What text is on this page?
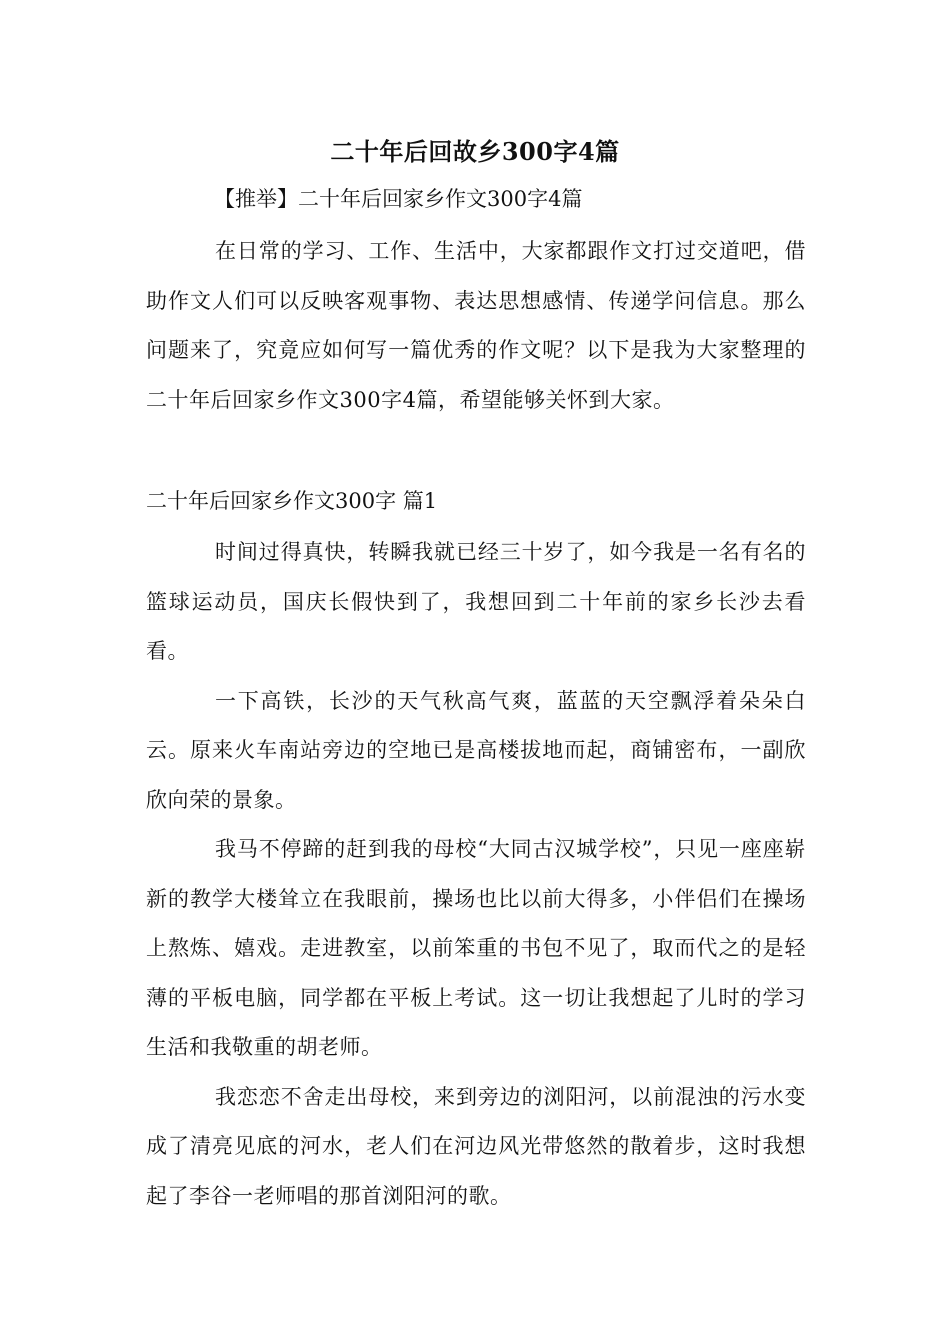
二十年后回故乡300字4篇
【推举】二十年后回家乡作文300字4篇

在日常的学习、工作、生活中，大家都跟作文打过交道吧，借助作文人们可以反映客观事物、表达思想感情、传递学问信息。那么问题来了，究竟应如何写一篇优秀的作文呢？以下是我为大家整理的二十年后回家乡作文300字4篇，希望能够关怀到大家。

二十年后回家乡作文300字 篇1

时间过得真快，转瞬我就已经三十岁了，如今我是一名有名的篮球运动员，国庆长假快到了，我想回到二十年前的家乡长沙去看看。

一下高铁，长沙的天气秋高气爽，蓝蓝的天空飘浮着朵朵白云。原来火车南站旁边的空地已是高楼拔地而起，商铺密布，一副欣欣向荣的景象。

我马不停蹄的赶到我的母校“大同古汉城学校”，只见一座座崭新的教学大楼耸立在我眼前，操场也比以前大得多，小伴侣们在操场上熬炼、嬉戏。走进教室，以前笨重的书包不见了，取而代之的是轻薄的平板电脑，同学都在平板上考试。这一切让我想起了儿时的学习生活和我敬重的胡老师。

我恋恋不舍走出母校，来到旁边的浏阳河，以前混浊的污水变成了清亮见底的河水，老人们在河边风光带悠然的散着步，这时我想起了李谷一老师唱的那首浏阳河的歌。
